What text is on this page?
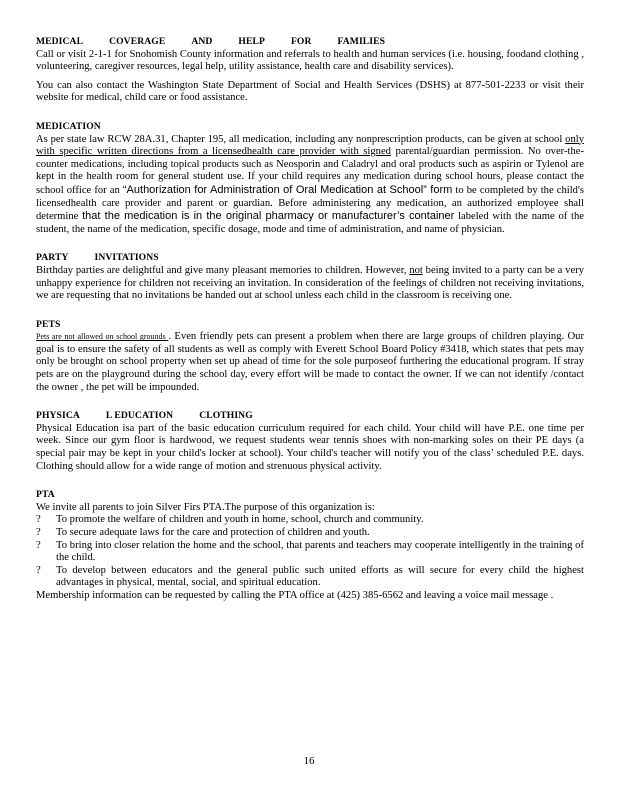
MEDICAL	COVERAGE	AND	HELP	FOR	FAMILIES

Call or visit 2-1-1 for Snohomish County information and referrals to health and human services (i.e. housing, foodand clothing , volunteering, caregiver resources, legal help, utility assistance, health care and disability services).

You can also contact the Washington State Department of Social and Health Services (DSHS) at 877-501-2233 or visit their website for medical, child care or food assistance.

MEDICATION

As per state law RCW 28A.31, Chapter 195, all medication, including any nonprescription products, can be given at school only with specific written directions from a licensedhealth care provider with signed parental/guardian permission. No over-the-counter medications, including topical products such as Neosporin and Caladryl and oral products such as aspirin or Tylenol are kept in the health room for general student use. If your child requires any medication during school hours, please contact the school office for an “Authorization for Administration of Oral Medication at School” form to be completed by the child's licensedhealth care provider and parent or guardian. Before administering any medication, an authorized employee shall determine that the medication is in the original pharmacy or manufacturer’s container labeled with the name of the student, the name of the medication, specific dosage, mode and time of administration, and name of physician.

PARTY	INVITATIONS

Birthday parties are delightful and give many pleasant memories to children. However, not being invited to a party can be a very unhappy experience for children not receiving an invitation. In consideration of the feelings of children not receiving invitations, we are requesting that no invitations be handed out at school unless each child in the classroom is receiving one.

PETS

Pets are not allowed on school grounds . Even friendly pets can present a problem when there are large groups of children playing. Our goal is to ensure the safety of all students as well as comply with Everett School Board Policy #3418, which states that pets may only be brought on school property when set up ahead of time for the sole purposeof furthering the educational program. If stray pets are on the playground during the school day, every effort will be made to contact the owner. If we can not identify /contact the owner , the pet will be impounded.

PHYSICA	L EDUCATION	CLOTHING

Physical Education isa part of the basic education curriculum required for each child. Your child will have P.E. one time per week. Since our gym floor is hardwood, we request students wear tennis shoes with non-marking soles on their PE days (a special pair may be kept in your child's locker at school). Your child's teacher will notify you of the class’ scheduled P.E. days. Clothing should allow for a wide range of motion and strenuous physical activity.

PTA
We invite all parents to join Silver Firs PTA.The purpose of this organization is:
? To promote the welfare of children and youth in home, school, church and community.
? To secure adequate laws for the care and protection of children and youth.
? To bring into closer relation the home and the school, that parents and teachers may cooperate intelligently in the training of the child.
? To develop between educators and the general public such united efforts as will secure for every child the highest advantages in physical, mental, social, and spiritual education.

Membership information can be requested by calling the PTA office at (425) 385-6562 and leaving a voice mail message .

16
